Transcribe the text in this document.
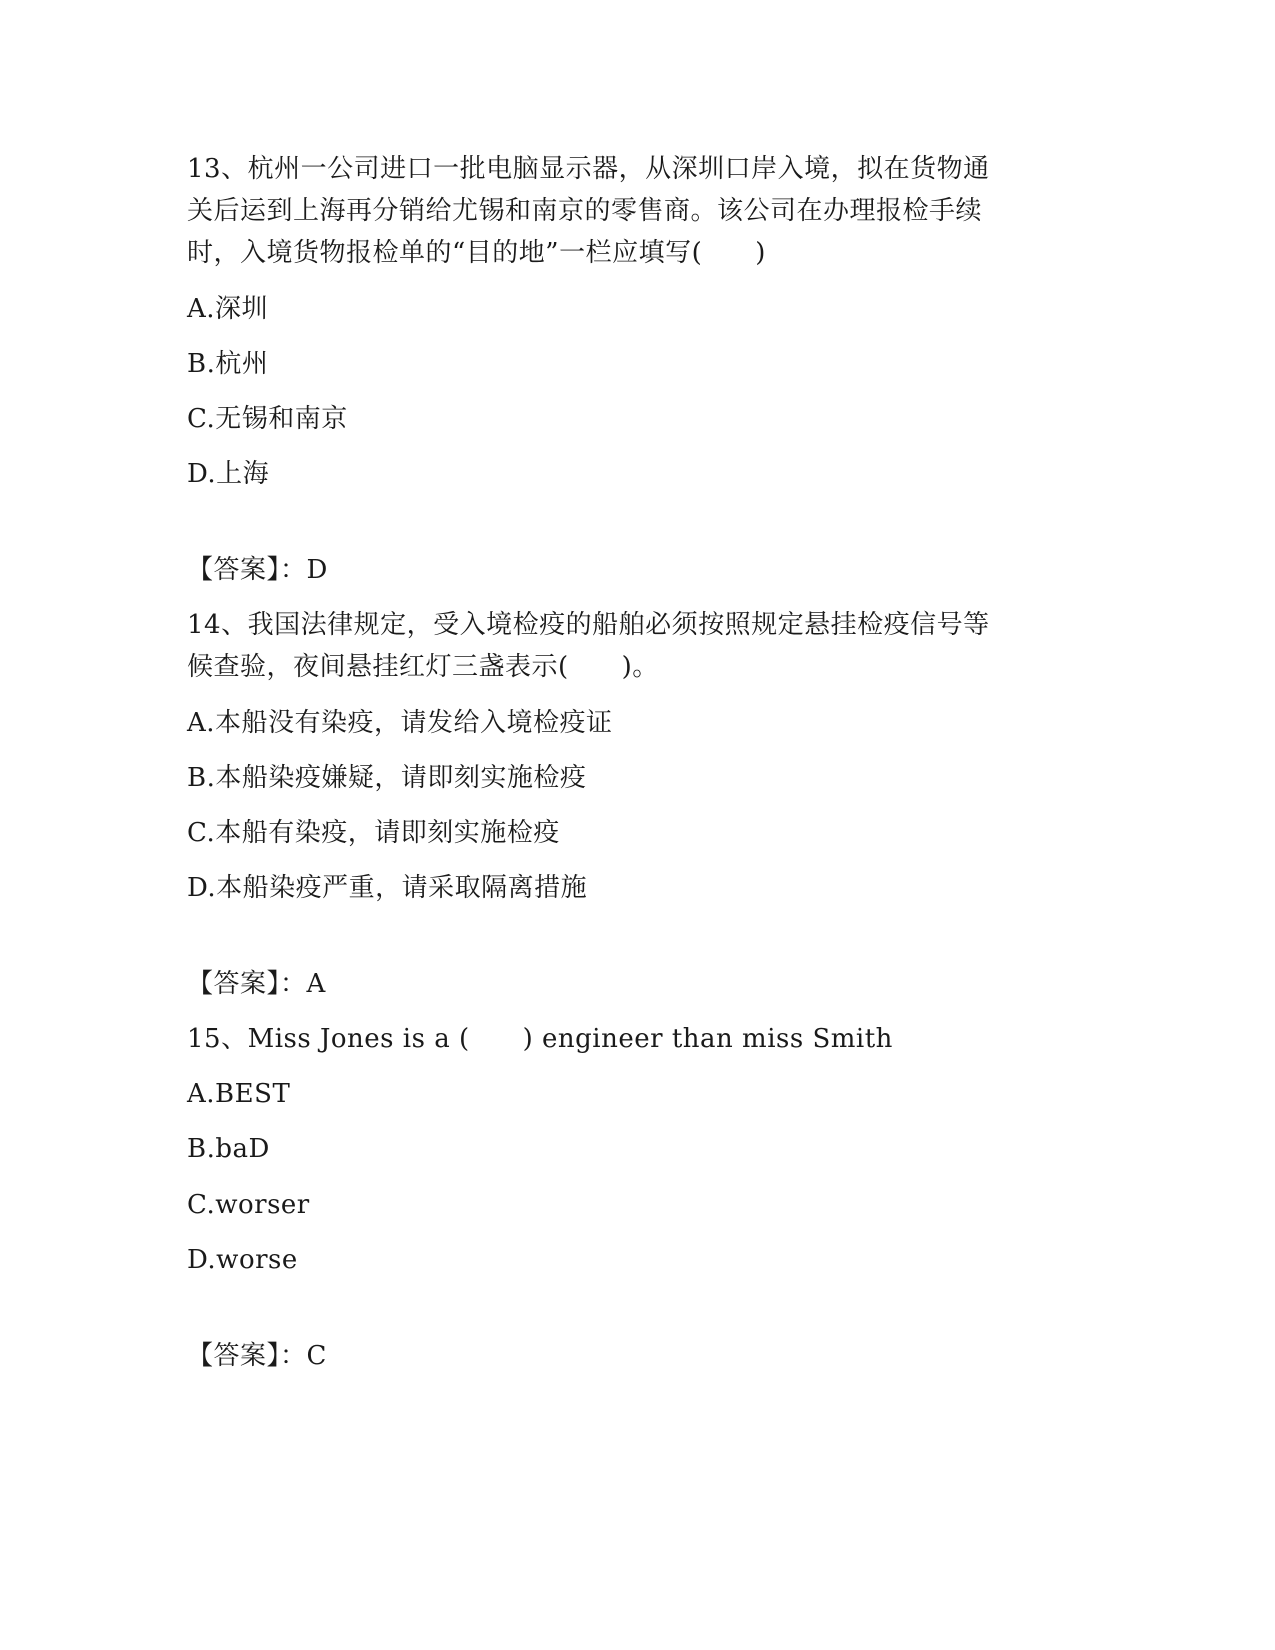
13、杭州一公司进口一批电脑显示器，从深圳口岸入境，拟在货物通
关后运到上海再分销给尤锡和南京的零售商。该公司在办理报检手续
时，入境货物报检单的“目的地”一栏应填写(　　)
A.深圳
B.杭州
C.无锡和南京
D.上海
【答案】：D
14、我国法律规定，受入境检疫的船舶必须按照规定悬挂检疫信号等
候查验，夜间悬挂红灯三盏表示(　　)。
A.本船没有染疫，请发给入境检疫证
B.本船染疫嫌疑，请即刻实施检疫
C.本船有染疫，请即刻实施检疫
D.本船染疫严重，请采取隔离措施
【答案】：A
15、Miss Jones is a (　　) engineer than miss Smith
A.BEST
B.baD
C.worser
D.worse
【答案】：C
